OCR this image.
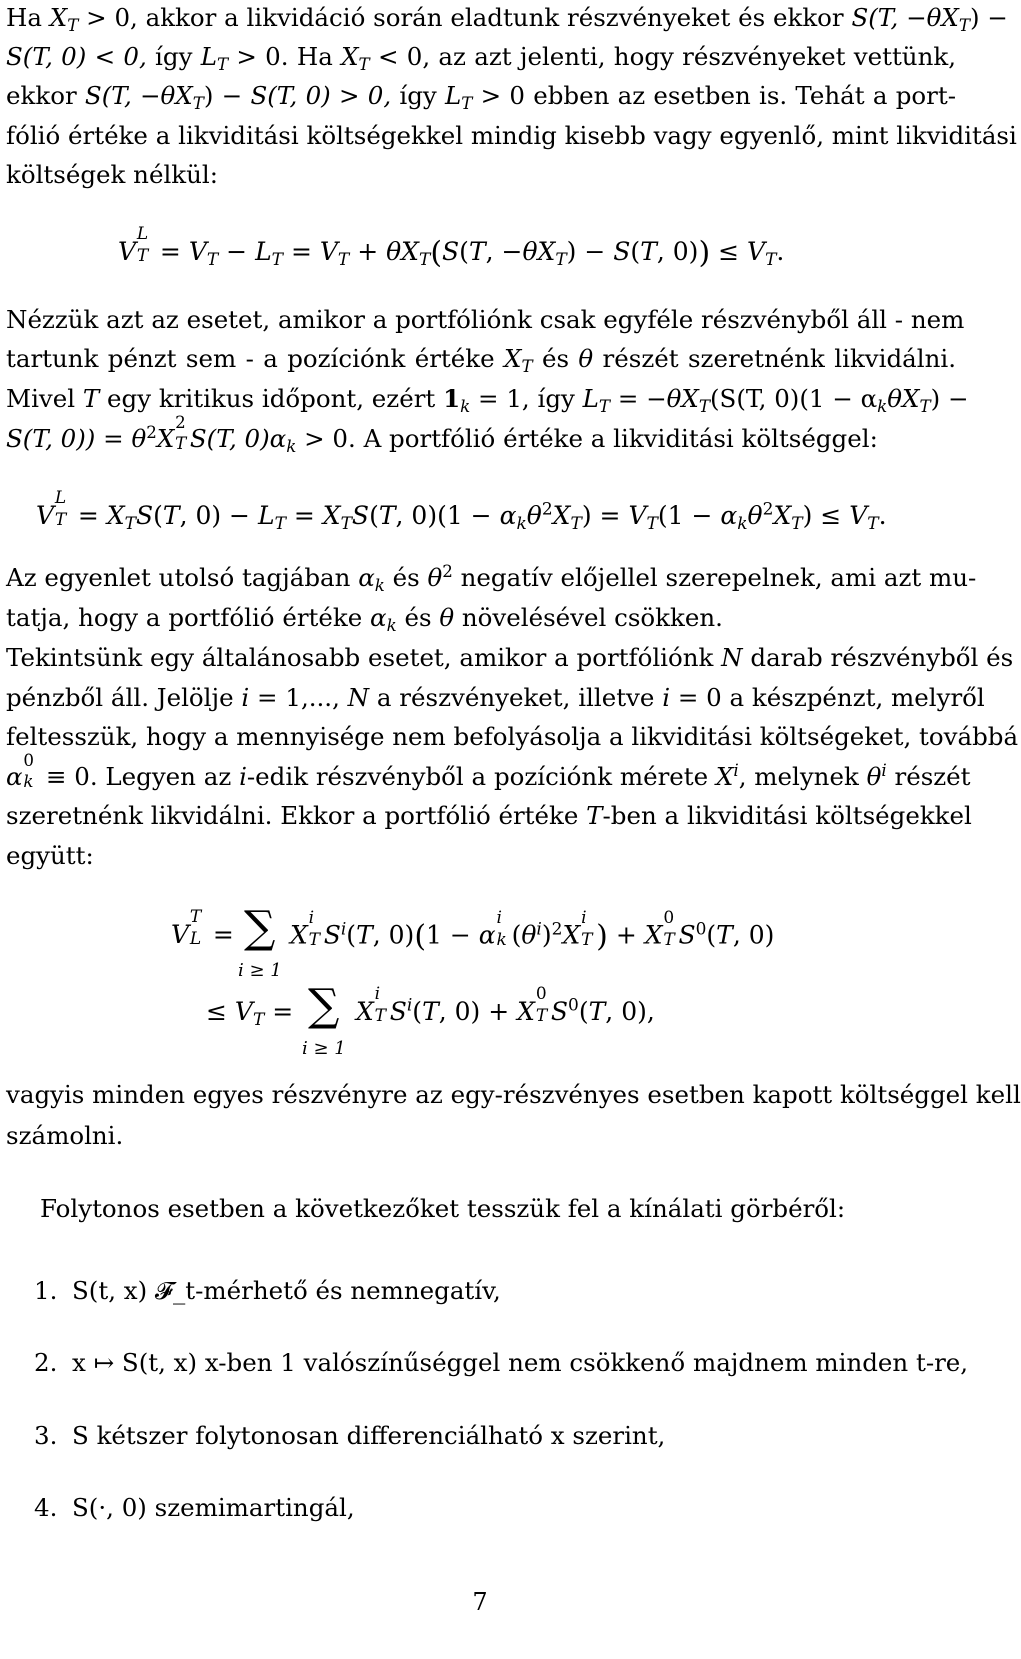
Ha $X_T > 0$, akkor a likvidáció során eladtunk részvényeket és ekkor S(T, $-\theta X_T$) −
S(T, 0) < 0, így $L_T > 0$. Ha $X_T < 0$, az azt jelenti, hogy részvényeket vettünk,
ekkor S(T, $-\theta X_T) - S(T$, 0) > 0, így $L_T > 0$ ebben az esetben is. Tehát a port-
fólió értéke a likviditási költségekkel mindig kisebb vagy egyenlő, mint likviditási
költségek nélkül:
V
L
$T = V_T - L_T = V_T + \theta X_T(S(T$, $-\theta X_T) - S(T$, $0)) \le V_T$.
Nézzük azt az esetet, amikor a portfóliónk csak egyféle részvényből áll - nem
tartunk pénzt sem - a pozíciónk értéke $X_T$ és θ részét szeretnénk likvidálni.
Mivel T egy kritikus időpont, ezért $1_k = 1$, így $L_T = -\theta X_T(S(T$, $0)(1 - \alpha_k\theta X_T)$ −
S(T, $0)) = \theta^2X$
2
T S(T, $0)\alpha_k > 0$. A portfólió értéke a likviditási költséggel:
V
L
$T = X_TS(T$, $0) - L_T = X_TS(T$, $0)(1 - \alpha_k\theta^2X_T) = V_T(1 - \alpha_k\theta^2X_T) \le V_T$.
Az egyenlet utolsó tagjában $\alpha_k$ és $\theta^2$ negatív előjellel szerepelnek, ami azt mu-
tatja, hogy a portfólió értéke $\alpha_k$ és θ növelésével csökken.
Tekintsünk egy általánosabb esetet, amikor a portfóliónk N darab részvényből és
pénzből áll. Jelölje i = 1,..., N a részvényeket, illetve i = 0 a készpénzt, melyről
feltesszük, hogy a mennyisége nem befolyásolja a likviditási költségeket, továbbá
α
0
k ≡ 0. Legyen az i-edik részvényből a pozíciónk mérete $X^i$, melynek $\theta^i$ részét
szeretnénk likvidálni. Ekkor a portfólió értéke T-ben a likviditási költségekkel
együtt:
V
T
L = ∑
i ≥ 1
X
i
T $S^i(T$, 0)(1 − α
i
k $(\theta^i)^2X$
i
T ) + X
0
T $S^0(T$, 0)
≤ $V_T$ = ∑
i ≥ 1
X
i
T $S^i(T$, 0) + X
0
T $S^0(T$, 0),
vagyis minden egyes részvényre az egy-részvényes esetben kapott költséggel kell
számolni.
Folytonos esetben a következőket tesszük fel a kínálati görbéről:
1. S(t, x) 𝓕_t-mérhető és nemnegatív,
2. x ↦ S(t, x) x-ben 1 valószínűséggel nem csökkenő majdnem minden t-re,
3. S kétszer folytonosan differenciálható x szerint,
4. S(·, 0) szemimartingál,
7
